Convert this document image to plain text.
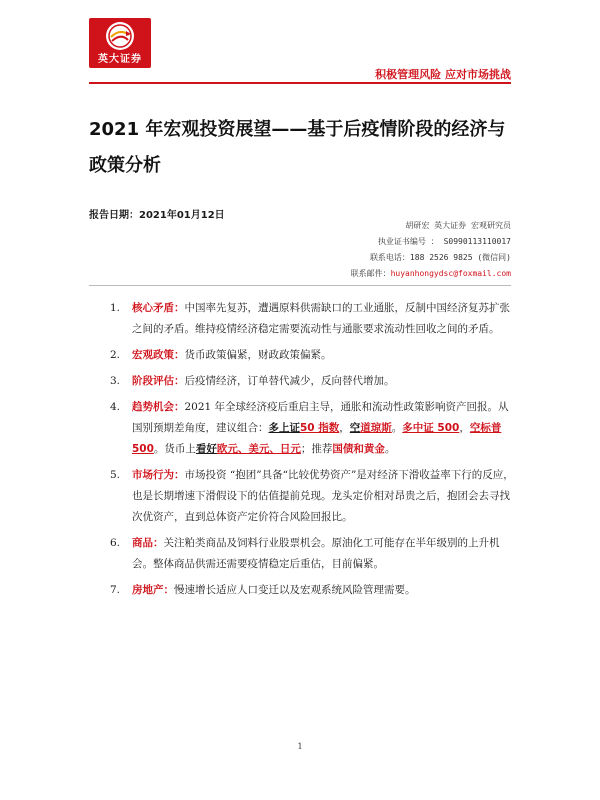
英大证券
积极管理风险 应对市场挑战
2021 年宏观投资展望——基于后疫情阶段的经济与政策分析
报告日期：2021年01月12日
胡研宏 英大证券 宏观研究员
执业证书编号 ： S0990113110017
联系电话：188 2526 9825 (微信同)
联系邮件：huyanhongydsc@foxmail.com
1. 核心矛盾：中国率先复苏，遭遇原料供需缺口的工业通胀，反制中国经济复苏扩张之间的矛盾。维持疫情经济稳定需要流动性与通胀要求流动性回收之间的矛盾。
2. 宏观政策：货币政策偏紧，财政政策偏紧。
3. 阶段评估：后疫情经济，订单替代减少，反向替代增加。
4. 趋势机会：2021 年全球经济疫后重启主导，通胀和流动性政策影响资产回报。从国别预期差角度，建议组合：多上证50 指数，空道琼斯。多中证 500，空标普 500。货币上看好欧元、美元、日元；推荐国债和黄金。
5. 市场行为：市场投资 “抱团”具备“比较优势资产”是对经济下滑收益率下行的反应，也是长期增速下滑假设下的估值提前兑现。龙头定价相对昂贵之后，抱团会去寻找次优资产，直到总体资产定价符合风险回报比。
6. 商品：关注粕类商品及饲料行业股票机会。原油化工可能存在半年级别的上升机会。整体商品供需还需要疫情稳定后重估，目前偏紧。
7. 房地产：慢速增长适应人口变迁以及宏观系统风险管理需要。
1
